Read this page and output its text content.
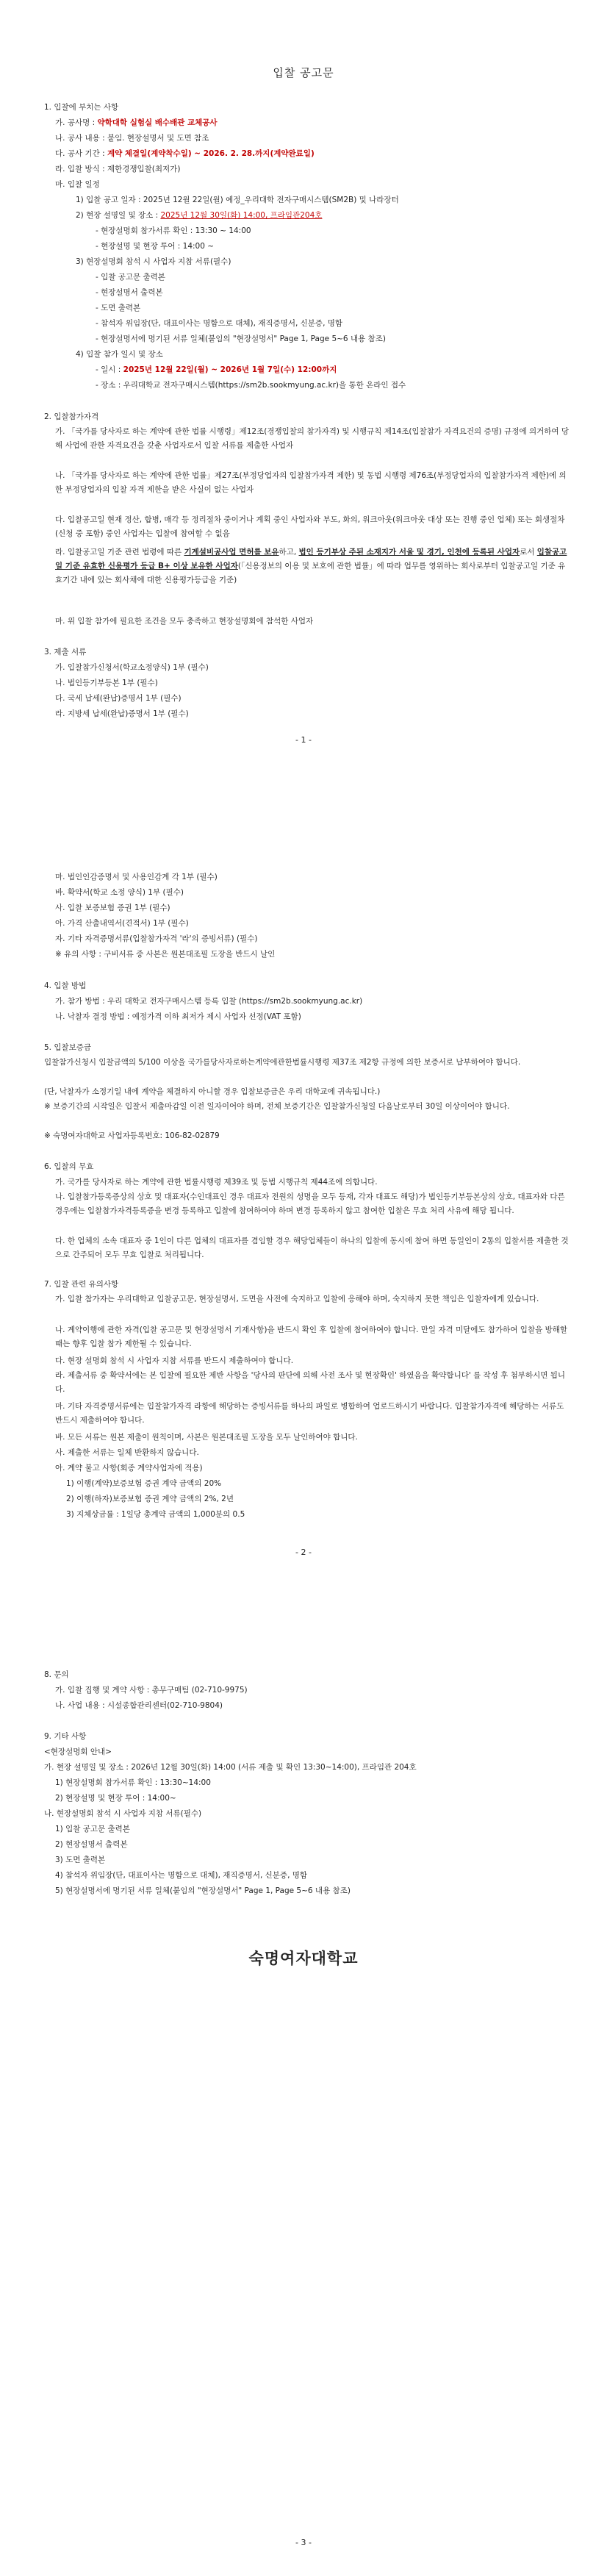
입찰 공고문
1. 입찰에 부치는 사항
가. 공사명 : 약학대학 실험실 배수배관 교체공사
나. 공사 내용 : 붙임. 현장설명서 및 도면 참조
다. 공사 기간 : 계약 체결일(계약착수일) ~ 2026. 2. 28.까지(계약완료일)
라. 입찰 방식 : 제한경쟁입찰(최저가)
마. 입찰 일정
1) 입찰 공고 일자 : 2025년 12월 22일(월) 예정_우리대학 전자구매시스템(SM2B) 및 나라장터
2) 현장 설명일 및 장소 : 2025년 12월 30일(화) 14:00, 프라임관204호
- 현장설명회 참가서류 확인 : 13:30 ~ 14:00
- 현장설명 및 현장 투어 : 14:00 ~
3) 현장설명회 참석 시 사업자 지참 서류(필수)
- 입찰 공고문 출력본
- 현장설명서 출력본
- 도면 출력본
- 참석자 위임장(단, 대표이사는 명함으로 대체), 재직증명서, 신분증, 명함
- 현장설명서에 명기된 서류 일체(붙임의 "현장설명서" Page 1, Page 5~6 내용 참조)
4) 입찰 참가 일시 및 장소
- 일시 : 2025년 12월 22일(월) ~ 2026년 1월 7일(수) 12:00까지
- 장소 : 우리대학교 전자구매시스템(https://sm2b.sookmyung.ac.kr)을 통한 온라인 접수
2. 입찰참가자격
가. 「국가를 당사자로 하는 계약에 관한 법률 시행령」제12조(경쟁입찰의 참가자격) 및 시행규칙 제14조(입찰참가 자격요건의 증명) 규정에 의거하여 당해 사업에 관한 자격요건을 갖춘 사업자로서 입찰 서류를 제출한 사업자
나. 「국가를 당사자로 하는 계약에 관한 법률」제27조(부정당업자의 입찰참가자격 제한) 및 동법 시행령 제76조(부정당업자의 입찰참가자격 제한)에 의한 부정당업자의 입찰 자격 제한을 받은 사실이 없는 사업자
다. 입찰공고일 현재 정산, 합병, 매각 등 정리절차 중이거나 계획 중인 사업자와 부도, 화의, 워크아웃(워크아웃 대상 또는 진행 중인 업체) 또는 회생절차(신청 중 포함) 중인 사업자는 입찰에 참여할 수 없음
라. 입찰공고일 기준 관련 법령에 따른 기계설비공사업 면허를 보유하고, 법인 등기부상 주된 소재지가 서울 및 경기, 인천에 등록된 사업자로서 입찰공고일 기준 유효한 신용평가 등급 B+ 이상 보유한 사업자(「신용정보의 이용 및 보호에 관한 법률」에 따라 업무를 영위하는 회사로부터 입찰공고일 기준 유효기간 내에 있는 회사채에 대한 신용평가등급을 기준)
마. 위 입찰 참가에 필요한 조건을 모두 충족하고 현장설명회에 참석한 사업자
3. 제출 서류
가. 입찰참가신청서(학교소정양식) 1부 (필수)
나. 법인등기부등본 1부 (필수)
다. 국세 납세(완납)증명서 1부 (필수)
라. 지방세 납세(완납)증명서 1부 (필수)
- 1 -
마. 법인인감증명서 및 사용인감계 각 1부 (필수)
바. 확약서(학교 소정 양식) 1부 (필수)
사. 입찰 보증보험 증권 1부 (필수)
아. 가격 산출내역서(견적서) 1부 (필수)
자. 기타 자격증명서류(입찰참가자격 '라'의 증빙서류) (필수)
※ 유의 사항 : 구비서류 중 사본은 원본대조필 도장을 반드시 날인
4. 입찰 방법
가. 참가 방법 : 우리 대학교 전자구매시스템 등록 입찰 (https://sm2b.sookmyung.ac.kr)
나. 낙찰자 결정 방법 : 예정가격 이하 최저가 제시 사업자 선정(VAT 포함)
5. 입찰보증금
입찰참가신청시 입찰금액의 5/100 이상을 국가를당사자로하는계약에관한법률시행령 제37조 제2항 규정에 의한 보증서로 납부하여야 합니다.
(단, 낙찰자가 소정기일 내에 계약을 체결하지 아니할 경우 입찰보증금은 우리 대학교에 귀속됩니다.)
※ 보증기간의 시작일은 입찰서 제출마감일 이전 일자이어야 하며, 전체 보증기간은 입찰참가신청일 다음날로부터 30일 이상이어야 합니다.
※ 숙명여자대학교 사업자등록번호: 106-82-02879
6. 입찰의 무효
가. 국가를 당사자로 하는 계약에 관한 법률시행령 제39조 및 동법 시행규칙 제44조에 의합니다.
나. 입찰참가등록증상의 상호 및 대표자(수인대표인 경우 대표자 전원의 성명을 모두 등재, 각자 대표도 해당)가 법인등기부등본상의 상호, 대표자와 다른 경우에는 입찰참가자격등록증을 변경 등록하고 입찰에 참여하여야 하며 변경 등록하지 않고 참여한 입찰은 무효 처리 사유에 해당 됩니다.
다. 한 업체의 소속 대표자 중 1인이 다른 업체의 대표자를 겸임할 경우 해당업체들이 하나의 입찰에 동시에 참여 하면 동일인이 2통의 입찰서를 제출한 것으로 간주되어 모두 무효 입찰로 처리됩니다.
7. 입찰 관련 유의사항
가. 입찰 참가자는 우리대학교 입찰공고문, 현장설명서, 도면을 사전에 숙지하고 입찰에 응해야 하며, 숙지하지 못한 책임은 입찰자에게 있습니다.
나. 계약이행에 관한 자격(입찰 공고문 및 현장설명서 기재사항)을 반드시 확인 후 입찰에 참여하여야 합니다. 만일 자격 미달에도 참가하여 입찰을 방해할 때는 향후 입찰 참가 제한될 수 있습니다.
다. 현장 설명회 참석 시 사업자 지참 서류를 반드시 제출하여야 합니다.
라. 제출서류 중 확약서에는 본 입찰에 필요한 제반 사항을 '당사의 판단에 의해 사전 조사 및 현장확인' 하였음을 확약합니다' 를 작성 후 첨부하시면 됩니다.
마. 기타 자격증명서류에는 입찰참가자격 라항에 해당하는 증빙서류를 하나의 파일로 병합하여 업로드하시기 바랍니다. 입찰참가자격에 해당하는 서류도 반드시 제출하여야 합니다.
바. 모든 서류는 원본 제출이 원칙이며, 사본은 원본대조필 도장을 모두 날인하여야 합니다.
사. 제출한 서류는 일체 반환하지 않습니다.
아. 계약 불고 사항(회종 계약사업자에 적용)
1) 이행(계약)보증보험 증권 계약 금액의 20%
2) 이행(하자)보증보험 증권 계약 금액의 2%, 2년
3) 지체상금률 : 1일당 총계약 금액의 1,000분의 0.5
- 2 -
8. 문의
가. 입찰 집행 및 계약 사항 : 총무구매팀 (02-710-9975)
나. 사업 내용 : 시설종합관리센터(02-710-9804)
9. 기타 사항
<현장설명회 안내>
가. 현장 설명일 및 장소 : 2026년 12월 30일(화) 14:00 (서류 제출 및 확인 13:30~14:00), 프라임관 204호
1) 현장설명회 참가서류 확인 : 13:30~14:00
2) 현장설명 및 현장 투어 : 14:00~
나. 현장설명회 참석 시 사업자 지참 서류(필수)
1) 입찰 공고문 출력본
2) 현장설명서 출력본
3) 도면 출력본
4) 참석자 위임장(단, 대표이사는 명함으로 대체), 재직증명서, 신분증, 명함
5) 현장설명서에 명기된 서류 일체(붙임의 "현장설명서" Page 1, Page 5~6 내용 참조)
숙명여자대학교
- 3 -
